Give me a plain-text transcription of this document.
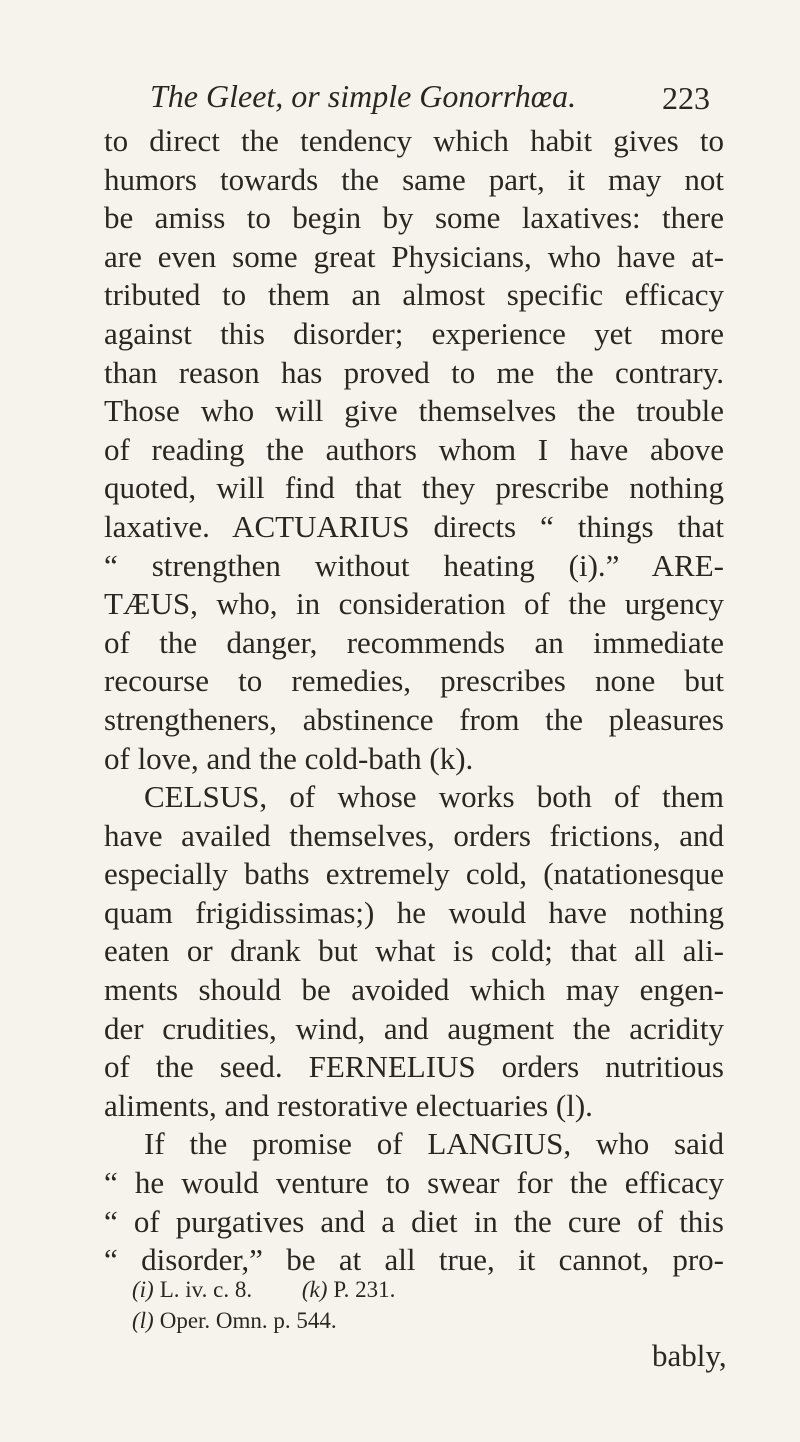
The Gleet, or simple Gonorrhœa.	223
to direct the tendency which habit gives to
humors towards the same part, it may not
be amiss to begin by some laxatives: there
are even some great Physicians, who have at-
tributed to them an almost specific efficacy
against this disorder; experience yet more
than reason has proved to me the contrary.
Those who will give themselves the trouble
of reading the authors whom I have above
quoted, will find that they prescribe nothing
laxative. ACTUARIUS directs “ things that
“ strengthen without heating (i).” ARE-
TÆUS, who, in consideration of the urgency
of the danger, recommends an immediate
recourse to remedies, prescribes none but
strengtheners, abstinence from the pleasures
of love, and the cold-bath (k).
CELSUS, of whose works both of them
have availed themselves, orders frictions, and
especially baths extremely cold, (natationesque
quam frigidissimas;) he would have nothing
eaten or drank but what is cold; that all ali-
ments should be avoided which may engen-
der crudities, wind, and augment the acridity
of the seed. FERNELIUS orders nutritious
aliments, and restorative electuaries (l).
If the promise of LANGIUS, who said
“ he would venture to swear for the efficacy
“ of purgatives and a diet in the cure of this
“ disorder,” be at all true, it cannot, pro-
(i) L. iv. c. 8. (k) P. 231.
(l) Oper. Omn. p. 544.
bably,
